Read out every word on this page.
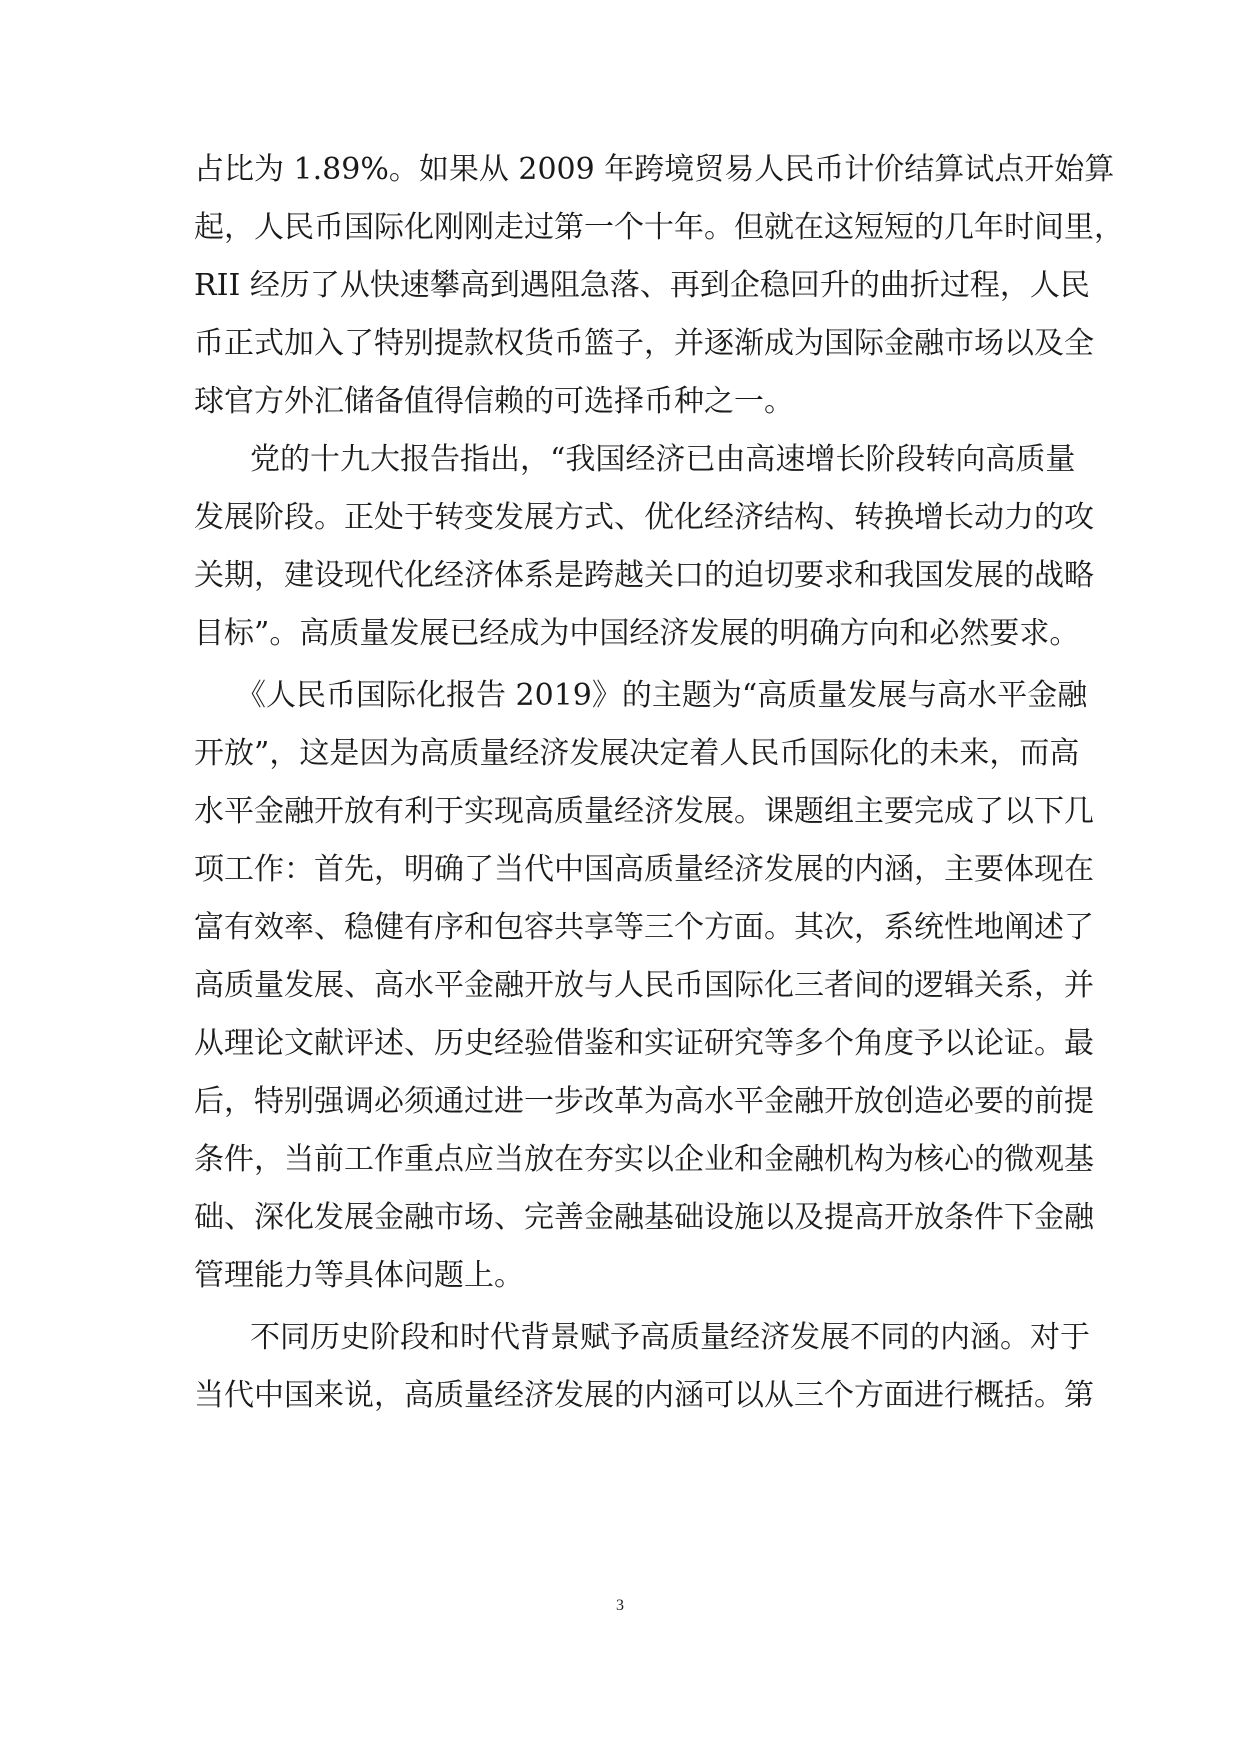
占比为 1.89%。如果从 2009 年跨境贸易人民币计价结算试点开始算
起，人民币国际化刚刚走过第一个十年。但就在这短短的几年时间里，
RII 经历了从快速攀高到遇阻急落、再到企稳回升的曲折过程，人民
币正式加入了特别提款权货币篮子，并逐渐成为国际金融市场以及全
球官方外汇储备值得信赖的可选择币种之一。
党的十九大报告指出，“我国经济已由高速增长阶段转向高质量
发展阶段。正处于转变发展方式、优化经济结构、转换增长动力的攻
关期，建设现代化经济体系是跨越关口的迫切要求和我国发展的战略
目标”。高质量发展已经成为中国经济发展的明确方向和必然要求。
《人民币国际化报告 2019》的主题为“高质量发展与高水平金融
开放”，这是因为高质量经济发展决定着人民币国际化的未来，而高
水平金融开放有利于实现高质量经济发展。课题组主要完成了以下几
项工作：首先，明确了当代中国高质量经济发展的内涵，主要体现在
富有效率、稳健有序和包容共享等三个方面。其次，系统性地阐述了
高质量发展、高水平金融开放与人民币国际化三者间的逻辑关系，并
从理论文献评述、历史经验借鉴和实证研究等多个角度予以论证。最
后，特别强调必须通过进一步改革为高水平金融开放创造必要的前提
条件，当前工作重点应当放在夯实以企业和金融机构为核心的微观基
础、深化发展金融市场、完善金融基础设施以及提高开放条件下金融
管理能力等具体问题上。
不同历史阶段和时代背景赋予高质量经济发展不同的内涵。对于
当代中国来说，高质量经济发展的内涵可以从三个方面进行概括。第
3
